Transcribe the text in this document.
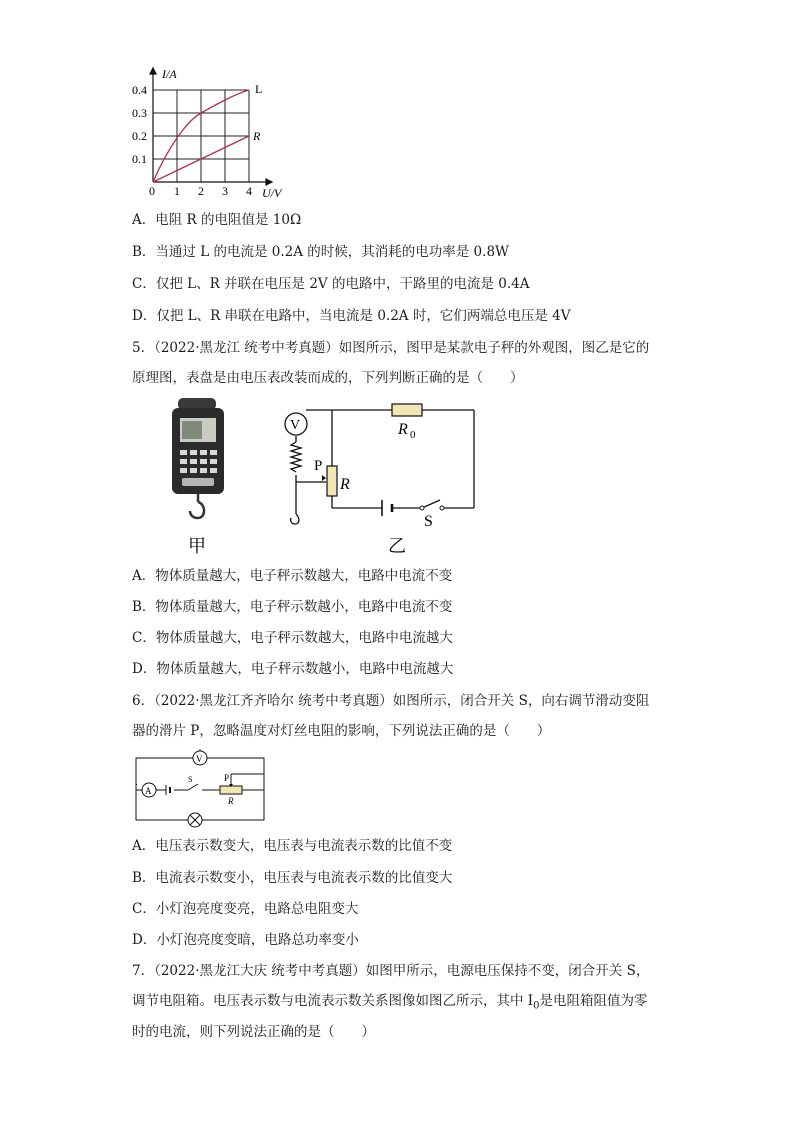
I/A
U/V
0.4
0.3
0.2
0.1
0 1 2 3 4
L
R
A．电阻 R 的电阻值是 10Ω
B．当通过 L 的电流是 0.2A 的时候，其消耗的电功率是 0.8W
C．仅把 L、R 并联在电压是 2V 的电路中，干路里的电流是 0.4A
D．仅把 L、R 串联在电路中，当电流是 0.2A 时，它们两端总电压是 4V
5．（2022·黑龙江 统考中考真题）如图所示，图甲是某款电子秤的外观图，图乙是它的
原理图，表盘是由电压表改装而成的，下列判断正确的是（　　）
甲
V	R 0
P
R
S
乙
A．物体质量越大，电子秤示数越大，电路中电流不变
B．物体质量越大，电子秤示数越小，电路中电流不变
C．物体质量越大，电子秤示数越大，电路中电流越大
D．物体质量越大，电子秤示数越小，电路中电流越大
6．（2022·黑龙江齐齐哈尔 统考中考真题）如图所示，闭合开关 S，向右调节滑动变阻
器的滑片 P，忽略温度对灯丝电阻的影响，下列说法正确的是（　　）
V
A
S	P
R
A．电压表示数变大，电压表与电流表示数的比值不变
B．电流表示数变小，电压表与电流表示数的比值变大
C．小灯泡亮度变亮，电路总电阻变大
D．小灯泡亮度变暗，电路总功率变小
7．（2022·黑龙江大庆 统考中考真题）如图甲所示，电源电压保持不变，闭合开关 S，
调节电阻箱。电压表示数与电流表示数关系图像如图乙所示，其中 $I_0$是电阻箱阻值为零
时的电流，则下列说法正确的是（　　）
